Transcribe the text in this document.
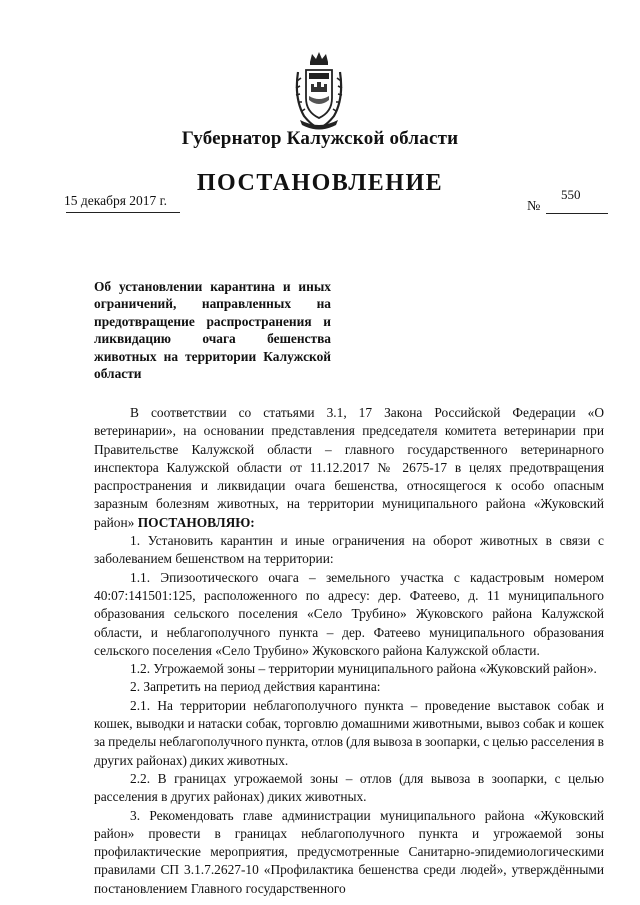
Губернатор Калужской области
ПОСТАНОВЛЕНИЕ
15 декабря 2017 г.	№
550
Об установлении карантина и иных ограничений, направленных на предотвращение распространения и ликвидацию очага бешенства животных на территории Калужской области

В соответствии со статьями 3.1, 17 Закона Российской Федерации «О ветеринарии», на основании представления председателя комитета ветеринарии при Правительстве Калужской области – главного государственного ветеринарного инспектора Калужской области от 11.12.2017 № 2675-17 в целях предотвращения распространения и ликвидации очага бешенства, относящегося к особо опасным заразным болезням животных, на территории муниципального района «Жуковский район» ПОСТАНОВЛЯЮ:

1. Установить карантин и иные ограничения на оборот животных в связи с заболеванием бешенством на территории:

1.1. Эпизоотического очага – земельного участка с кадастровым номером 40:07:141501:125, расположенного по адресу: дер. Фатеево, д. 11 муниципального образования сельского поселения «Село Трубино» Жуковского района Калужской области, и неблагополучного пункта – дер. Фатеево муниципального образования сельского поселения «Село Трубино» Жуковского района Калужской области.

1.2. Угрожаемой зоны – территории муниципального района «Жуковский район».

2. Запретить на период действия карантина:

2.1. На территории неблагополучного пункта – проведение выставок собак и кошек, выводки и натаски собак, торговлю домашними животными, вывоз собак и кошек за пределы неблагополучного пункта, отлов (для вывоза в зоопарки, с целью расселения в других районах) диких животных.

2.2. В границах угрожаемой зоны – отлов (для вывоза в зоопарки, с целью расселения в других районах) диких животных.

3. Рекомендовать главе администрации муниципального района «Жуковский район» провести в границах неблагополучного пункта и угрожаемой зоны профилактические мероприятия, предусмотренные Санитарно-эпидемиологическими правилами СП 3.1.7.2627-10 «Профилактика бешенства среди людей», утверждёнными постановлением Главного государственного
